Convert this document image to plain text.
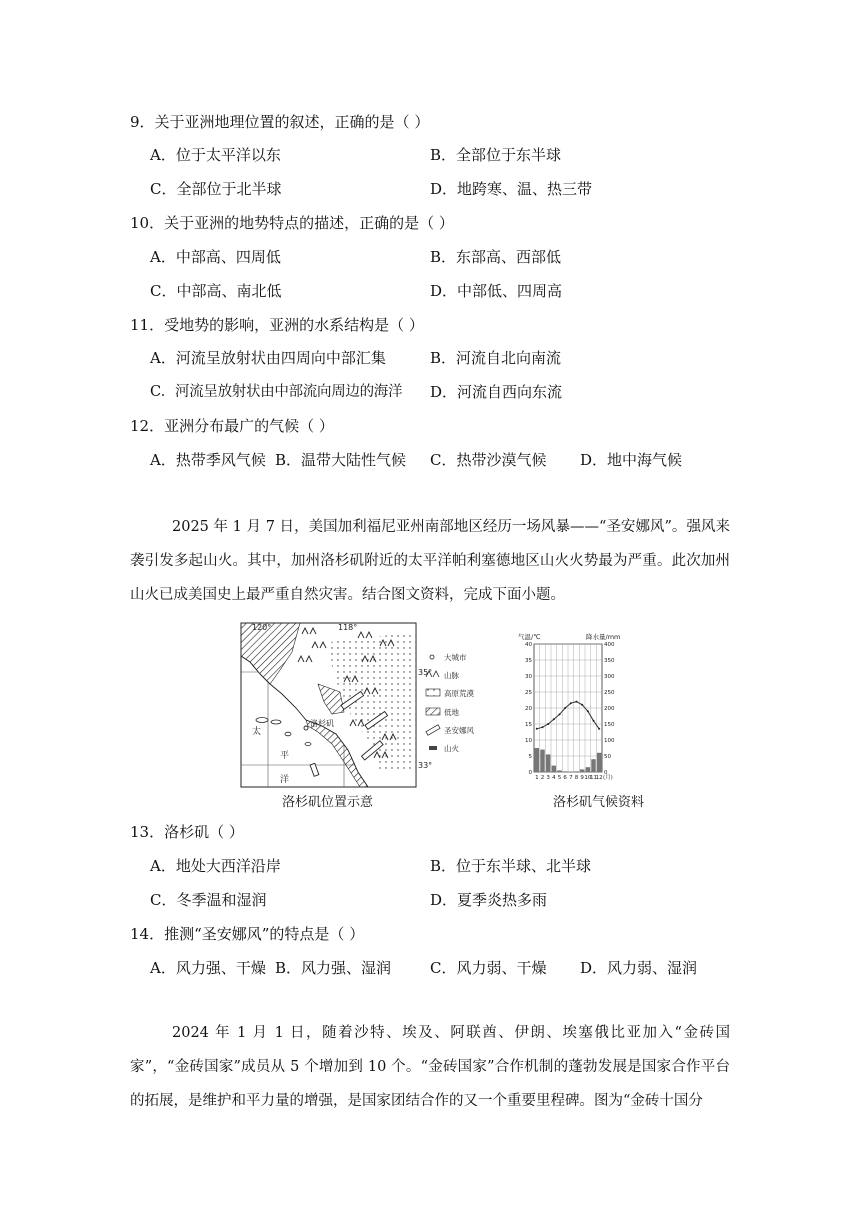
9．关于亚洲地理位置的叙述，正确的是（ ）
A．位于太平洋以东	B．全部位于东半球
C．全部位于北半球	D．地跨寒、温、热三带
10．关于亚洲的地势特点的描述，正确的是（ ）
A．中部高、四周低	B．东部高、西部低
C．中部高、南北低	D．中部低、四周高
11．受地势的影响，亚洲的水系结构是（ ）
A．河流呈放射状由四周向中部汇集	B．河流自北向南流
C．河流呈放射状由中部流向周边的海洋 D．河流自西向东流
12．亚洲分布最广的气候（ ）
A．热带季风气候 B．温带大陆性气候 C．热带沙漠气候 D．地中海气候
2025 年 1 月 7 日，美国加利福尼亚州南部地区经历一场风暴——“圣安娜风”。强风来袭引发多起山火。其中，加州洛杉矶附近的太平洋帕利塞德地区山火火势最为严重。此次加州山火已成美国史上最严重自然灾害。结合图文资料，完成下面小题。
120°	118°
35°
33°
太
平
洋
洛杉矶
大城市
山脉
高原荒漠
低地
圣安娜风
山火
洛杉矶位置示意
气温/℃	降水量/mm
0
5
10
15
20
25
30
35
40
0
50
100
150
200
250
300
350
400
1 2 3 4 5 6 7 8 9 10
11
12 (月)
洛杉矶气候资料
13．洛杉矶（ ）
A．地处大西洋沿岸	B．位于东半球、北半球
C．冬季温和湿润	D．夏季炎热多雨
14．推测“圣安娜风”的特点是（ ）
A．风力强、干燥 B．风力强、湿润	C．风力弱、干燥 D．风力弱、湿润
2024 年 1 月 1 日，随着沙特、埃及、阿联酋、伊朗、埃塞俄比亚加入“金砖国家”，“金砖国家”成员从 5 个增加到 10 个。“金砖国家”合作机制的蓬勃发展是国家合作平台的拓展，是维护和平力量的增强，是国家团结合作的又一个重要里程碑。图为“金砖十国分
